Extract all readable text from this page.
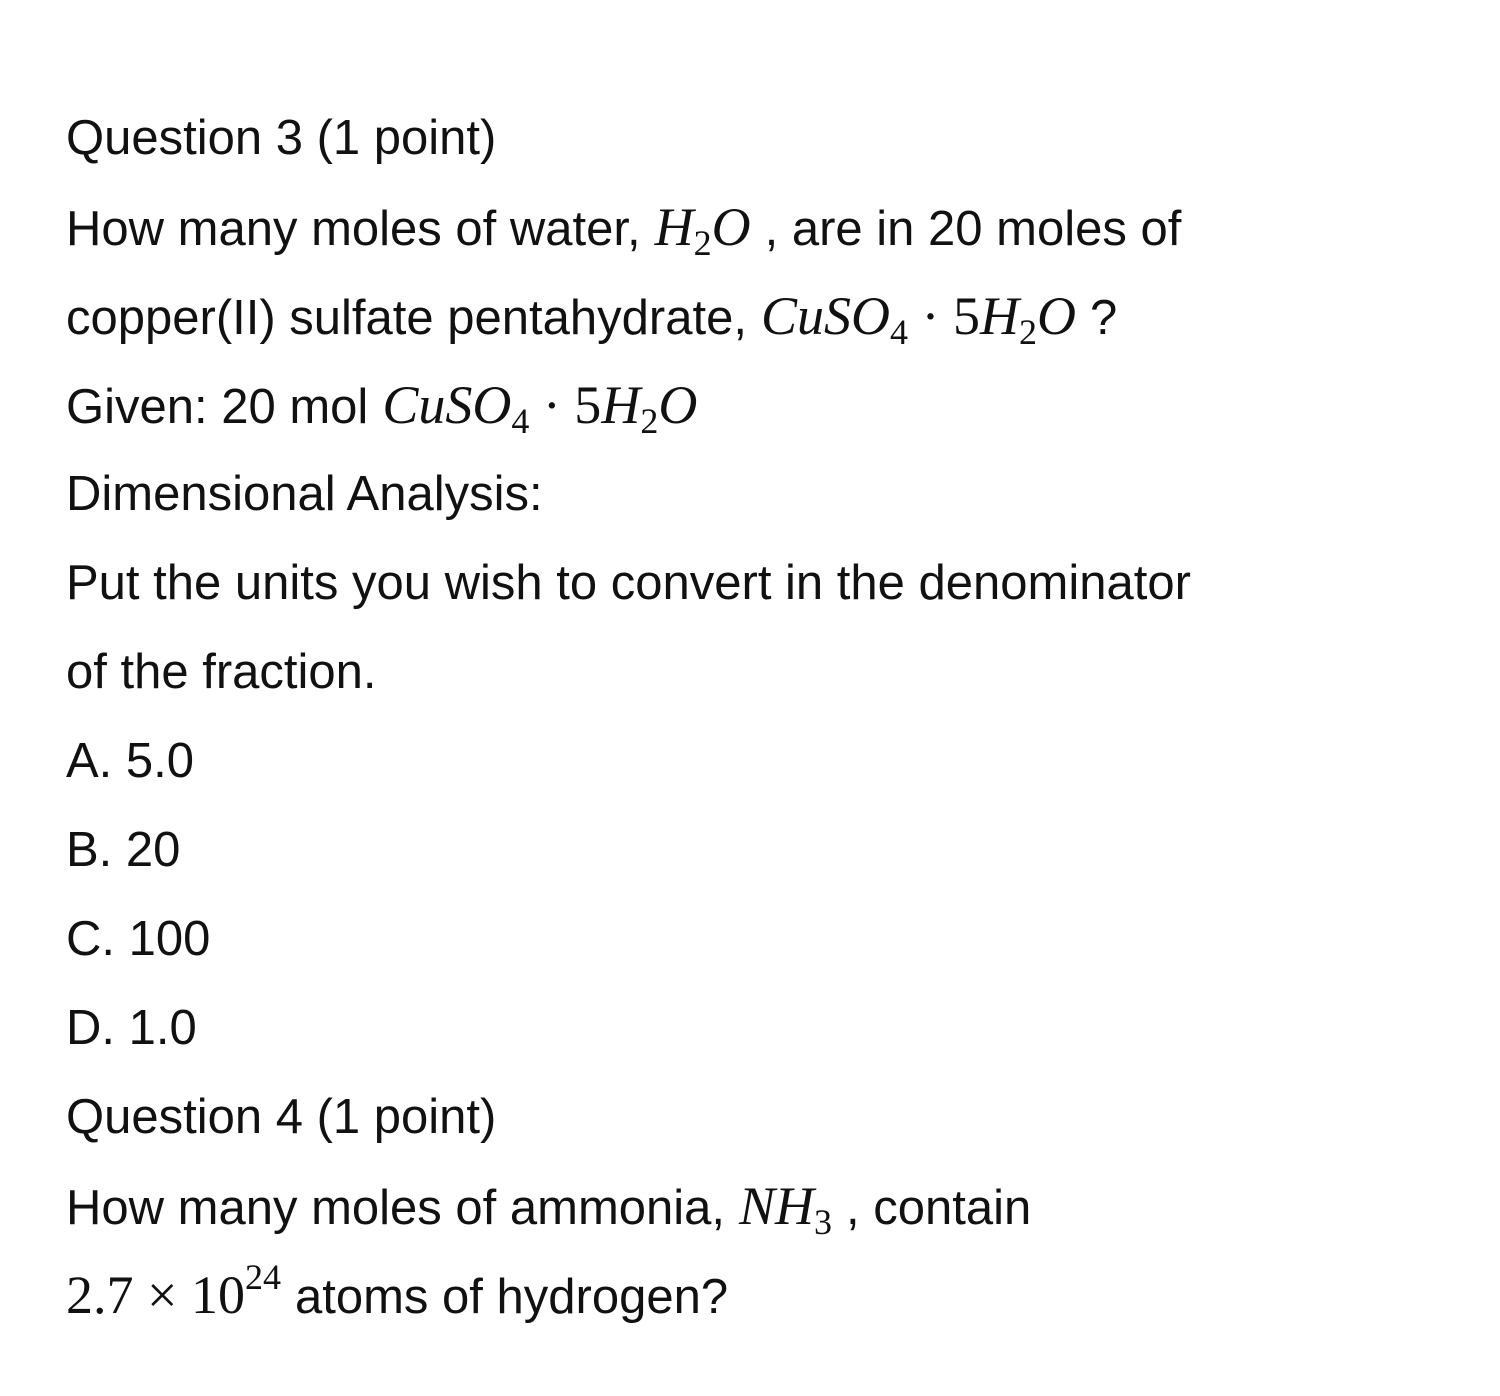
Question 3 (1 point)
How many moles of water, $H_2O$ , are in 20 moles of
copper(II) sulfate pentahydrate, CuSO$_4$ · $5H_2O$ ?
Given: 20 mol CuSO$_4$ · $5H_2O$
Dimensional Analysis:
Put the units you wish to convert in the denominator
of the fraction.
A. 5.0
B. 20
C. 100
D. 1.0
Question 4 (1 point)
How many moles of ammonia, $NH_3$ , contain
$2.7 \times 10^{24}$ atoms of hydrogen?
